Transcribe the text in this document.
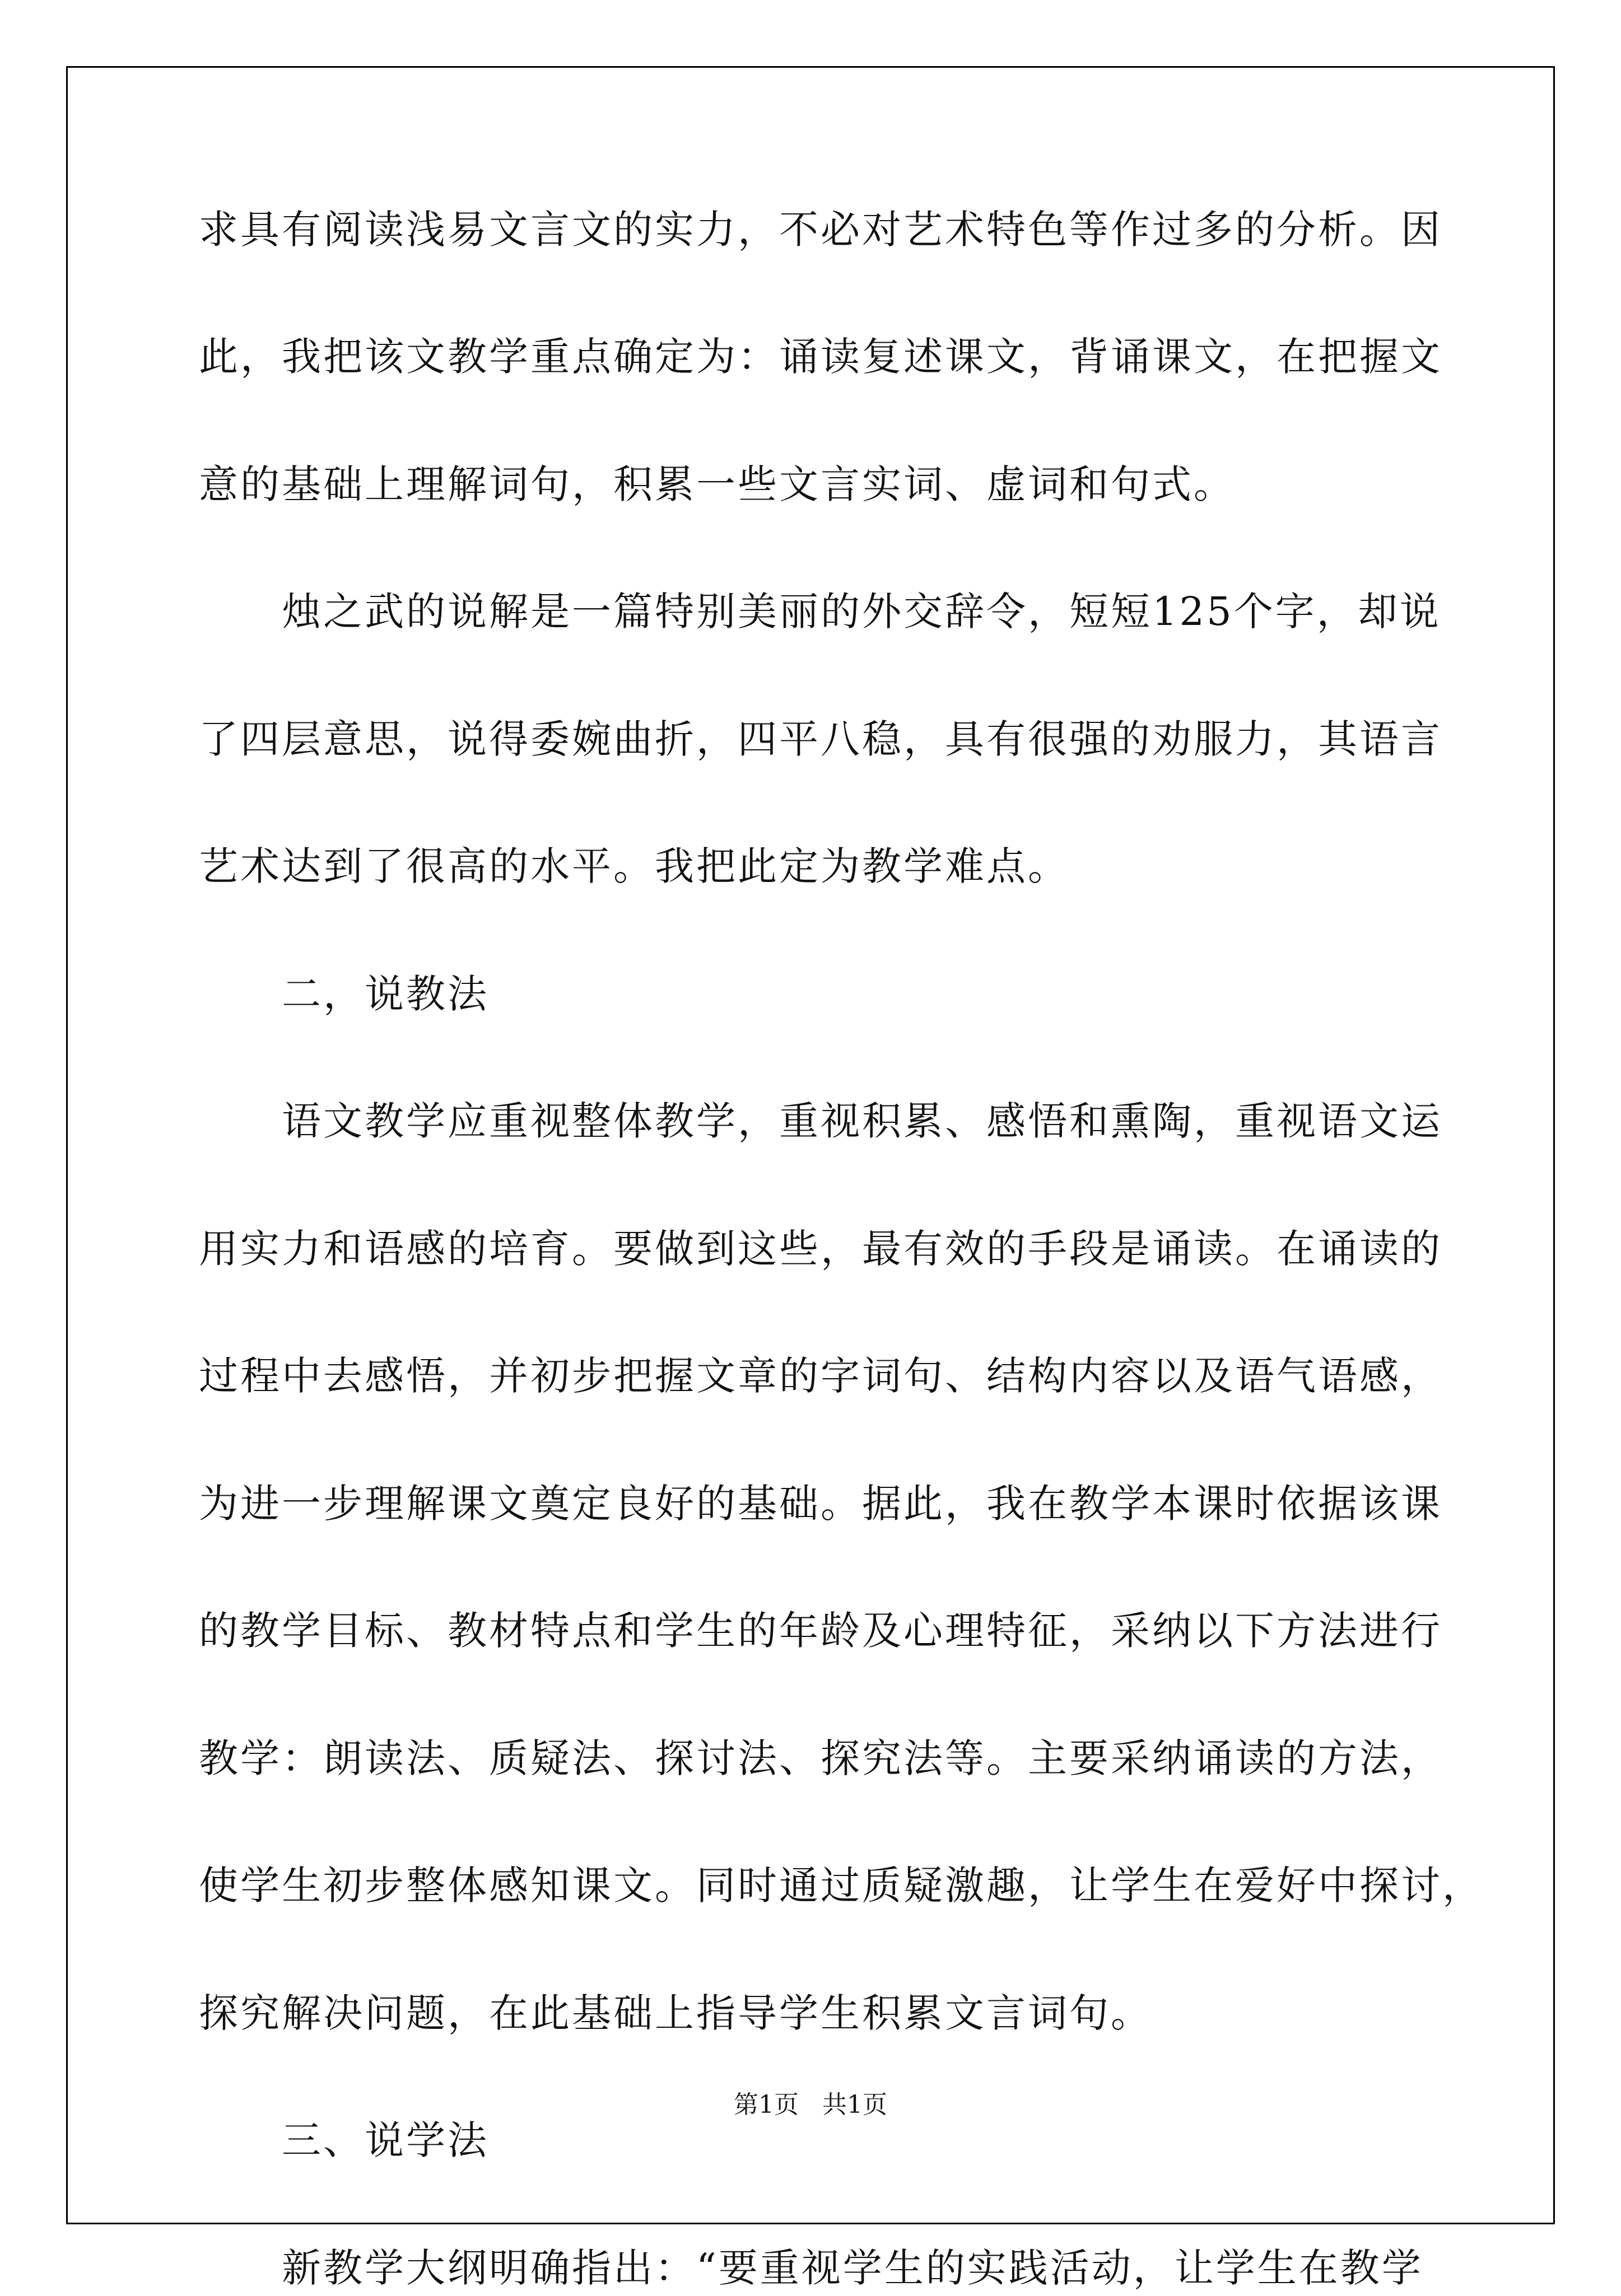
求具有阅读浅易文言文的实力，不必对艺术特色等作过多的分析。因
此，我把该文教学重点确定为：诵读复述课文，背诵课文，在把握文
意的基础上理解词句，积累一些文言实词、虚词和句式。
　　烛之武的说解是一篇特别美丽的外交辞令，短短125个字，却说
了四层意思，说得委婉曲折，四平八稳，具有很强的劝服力，其语言
艺术达到了很高的水平。我把此定为教学难点。
　　二，说教法
　　语文教学应重视整体教学，重视积累、感悟和熏陶，重视语文运
用实力和语感的培育。要做到这些，最有效的手段是诵读。在诵读的
过程中去感悟，并初步把握文章的字词句、结构内容以及语气语感，
为进一步理解课文奠定良好的基础。据此，我在教学本课时依据该课
的教学目标、教材特点和学生的年龄及心理特征，采纳以下方法进行
教学：朗读法、质疑法、探讨法、探究法等。主要采纳诵读的方法，
使学生初步整体感知课文。同时通过质疑激趣，让学生在爱好中探讨，
探究解决问题，在此基础上指导学生积累文言词句。
　　三、说学法
　　新教学大纲明确指出：“要重视学生的实践活动，让学生在教学
第1页   共1页
